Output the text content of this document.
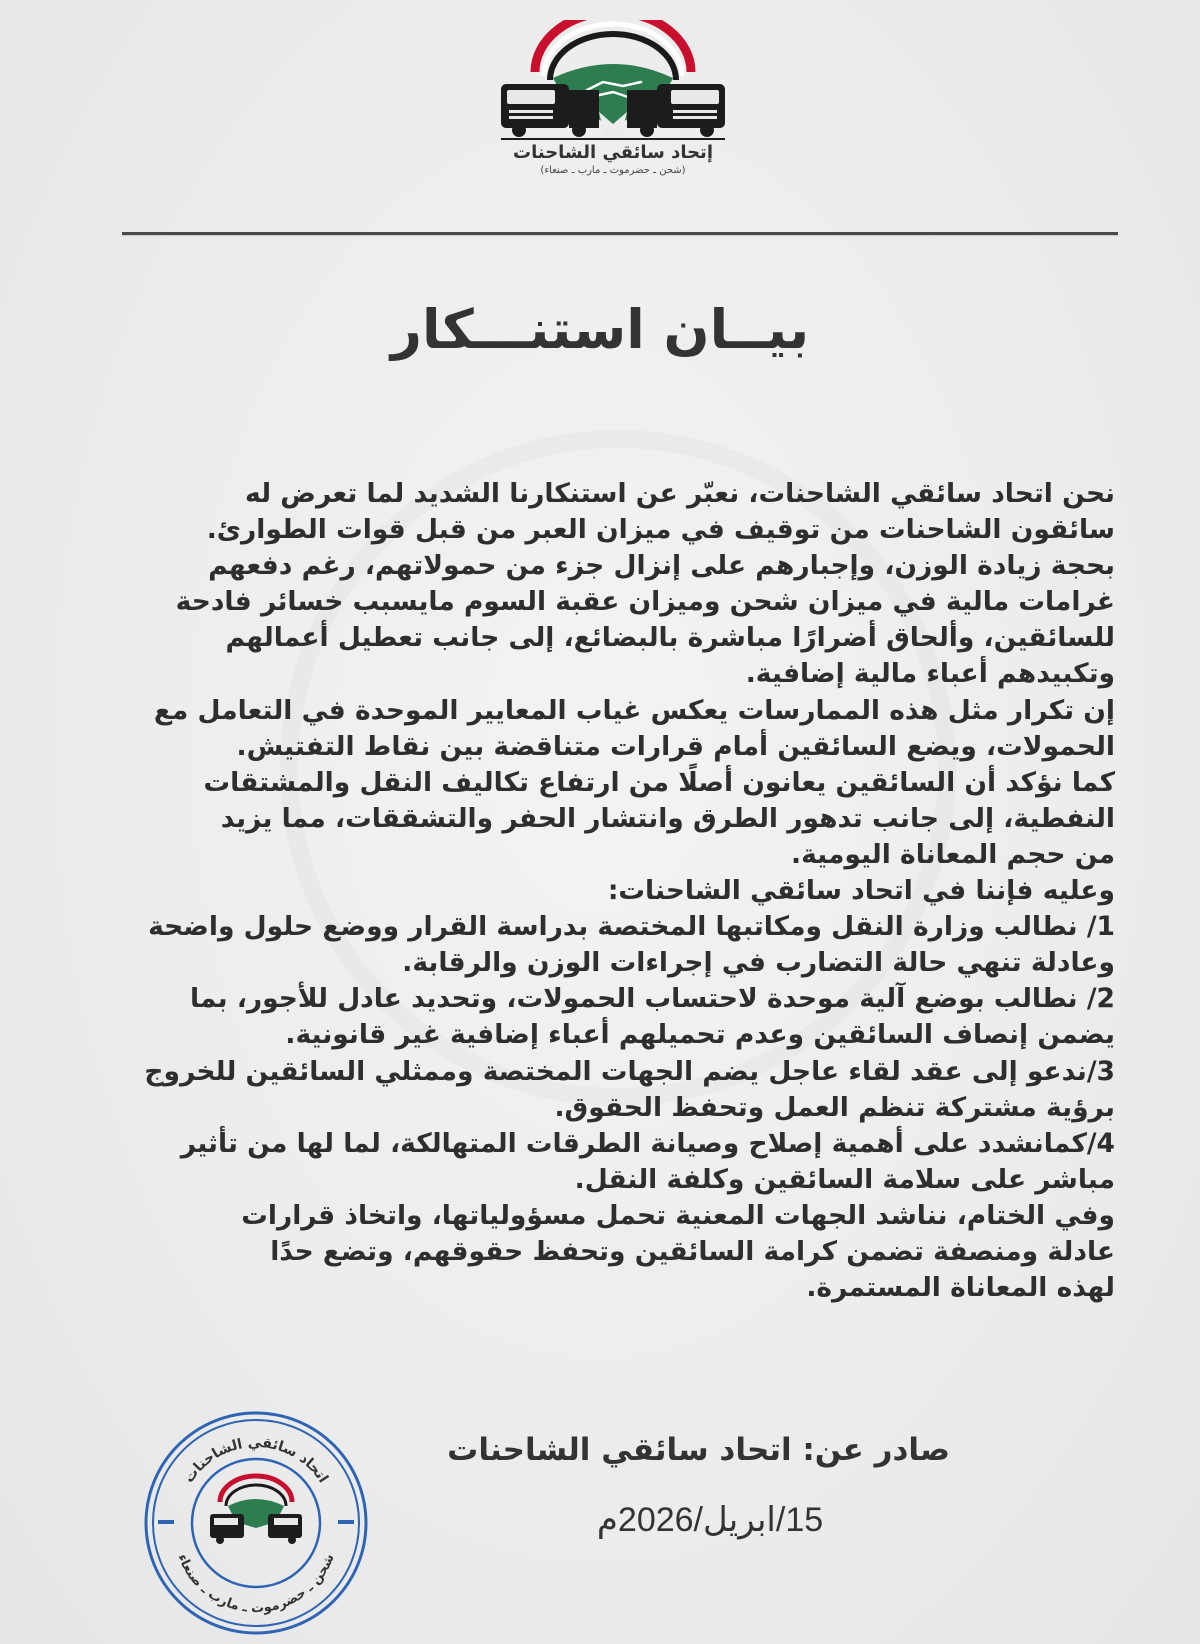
إتحاد سائقي الشاحنات
(شحن ـ حضرموت ـ مارب ـ صنعاء)
بيــان استنـــكار
نحن اتحاد سائقي الشاحنات، نعبّر عن استنكارنا الشديد لما تعرض له
سائقون الشاحنات من توقيف في ميزان العبر من قبل قوات الطوارئ.
بحجة زيادة الوزن، وإجبارهم على إنزال جزء من حمولاتهم، رغم دفعهم
غرامات مالية في ميزان شحن وميزان عقبة السوم مايسبب خسائر فادحة
للسائقين، وألحاق أضرارًا مباشرة بالبضائع، إلى جانب تعطيل أعمالهم
وتكبيدهم أعباء مالية إضافية.
إن تكرار مثل هذه الممارسات يعكس غياب المعايير الموحدة في التعامل مع
الحمولات، ويضع السائقين أمام قرارات متناقضة بين نقاط التفتيش.
كما نؤكد أن السائقين يعانون أصلًا من ارتفاع تكاليف النقل والمشتقات
النفطية، إلى جانب تدهور الطرق وانتشار الحفر والتشققات، مما يزيد
من حجم المعاناة اليومية.
وعليه فإننا في اتحاد سائقي الشاحنات:
1/ نطالب وزارة النقل ومكاتبها المختصة بدراسة القرار ووضع حلول واضحة
وعادلة تنهي حالة التضارب في إجراءات الوزن والرقابة.
2/ نطالب بوضع آلية موحدة لاحتساب الحمولات، وتحديد عادل للأجور، بما
يضمن إنصاف السائقين وعدم تحميلهم أعباء إضافية غير قانونية.
3/ندعو إلى عقد لقاء عاجل يضم الجهات المختصة وممثلي السائقين للخروج
برؤية مشتركة تنظم العمل وتحفظ الحقوق.
4/كمانشدد على أهمية إصلاح وصيانة الطرقات المتهالكة، لما لها من تأثير
مباشر على سلامة السائقين وكلفة النقل.
وفي الختام، نناشد الجهات المعنية تحمل مسؤولياتها، واتخاذ قرارات
عادلة ومنصفة تضمن كرامة السائقين وتحفظ حقوقهم، وتضع حدًا
لهذه المعاناة المستمرة.
اتحاد سائقي الشاحنات
شحن ـ حضرموت ـ مارب ـ صنعاء
صادر عن: اتحاد سائقي الشاحنات
15/ابريل/2026م
